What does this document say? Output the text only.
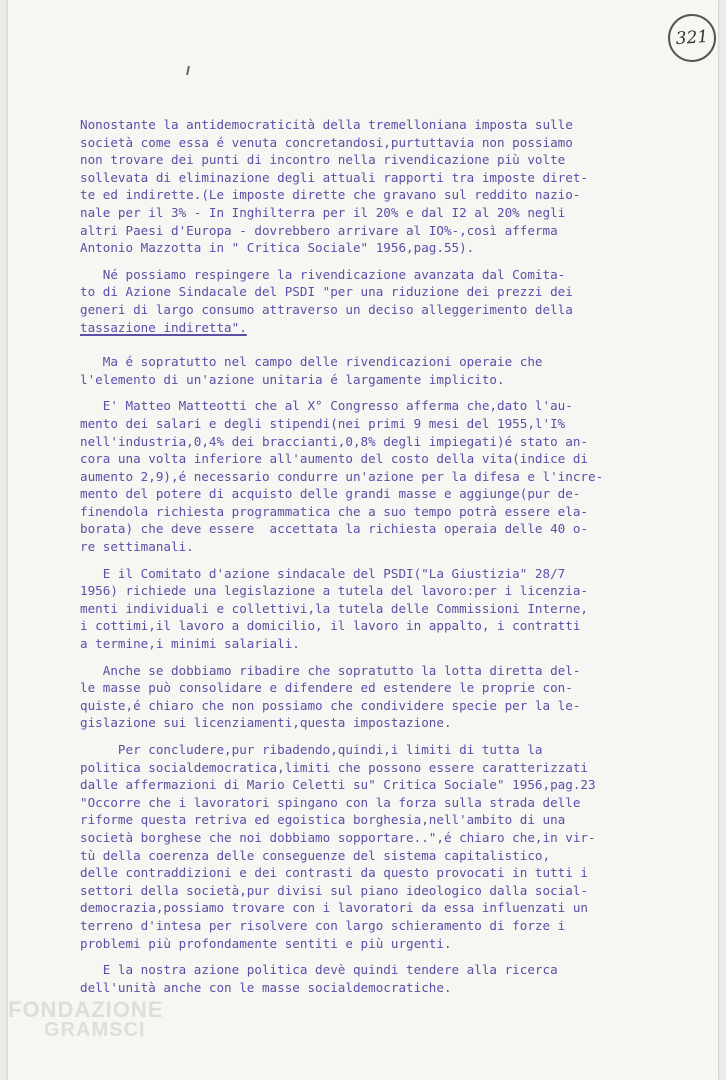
321
Nonostante la antidemocraticità della tremelloniana imposta sulle
società come essa é venuta concretandosi,purtuttavia non possiamo
non trovare dei punti di incontro nella rivendicazione più volte
sollevata di eliminazione degli attuali rapporti tra imposte diret-
te ed indirette.(Le imposte dirette che gravano sul reddito nazio-
nale per il 3% - In Inghilterra per il 20% e dal I2 al 20% negli
altri Paesi d'Europa - dovrebbero arrivare al IO%-,così afferma
Antonio Mazzotta in " Critica Sociale" 1956,pag.55).
Né possiamo respingere la rivendicazione avanzata dal Comita-
to di Azione Sindacale del PSDI "per una riduzione dei prezzi dei
generi di largo consumo attraverso un deciso alleggerimento della
tassazione indiretta".
Ma é sopratutto nel campo delle rivendicazioni operaie che
l'elemento di un'azione unitaria é largamente implicito.
E' Matteo Matteotti che al X° Congresso afferma che,dato l'au-
mento dei salari e degli stipendi(nei primi 9 mesi del 1955,l'I%
nell'industria,0,4% dei braccianti,0,8% degli impiegati)é stato an-
cora una volta inferiore all'aumento del costo della vita(indice di
aumento 2,9),é necessario condurre un'azione per la difesa e l'incre-
mento del potere di acquisto delle grandi masse e aggiunge(pur de-
finendola richiesta programmatica che a suo tempo potrà essere ela-
borata) che deve essere  accettata la richiesta operaia delle 40 o-
re settimanali.
E il Comitato d'azione sindacale del PSDI("La Giustizia" 28/7
1956) richiede una legislazione a tutela del lavoro:per i licenzia-
menti individuali e collettivi,la tutela delle Commissioni Interne,
i cottimi,il lavoro a domicilio, il lavoro in appalto, i contratti
a termine,i minimi salariali.
Anche se dobbiamo ribadire che sopratutto la lotta diretta del-
le masse può consolidare e difendere ed estendere le proprie con-
quiste,é chiaro che non possiamo che condividere specie per la le-
gislazione sui licenziamenti,questa impostazione.
Per concludere,pur ribadendo,quindi,i limiti di tutta la
politica socialdemocratica,limiti che possono essere caratterizzati
dalle affermazioni di Mario Celetti su" Critica Sociale" 1956,pag.23
"Occorre che i lavoratori spingano con la forza sulla strada delle
riforme questa retriva ed egoistica borghesia,nell'ambito di una
società borghese che noi dobbiamo sopportare..",é chiaro che,in vir-
tù della coerenza delle conseguenze del sistema capitalistico,
delle contraddizioni e dei contrasti da questo provocati in tutti i
settori della società,pur divisi sul piano ideologico dalla social-
democrazia,possiamo trovare con i lavoratori da essa influenzati un
terreno d'intesa per risolvere con largo schieramento di forze i
problemi più profondamente sentiti e più urgenti.
E la nostra azione politica devè quindi tendere alla ricerca
dell'unità anche con le masse socialdemocratiche.
FONDAZIONE
GRAMSCI
